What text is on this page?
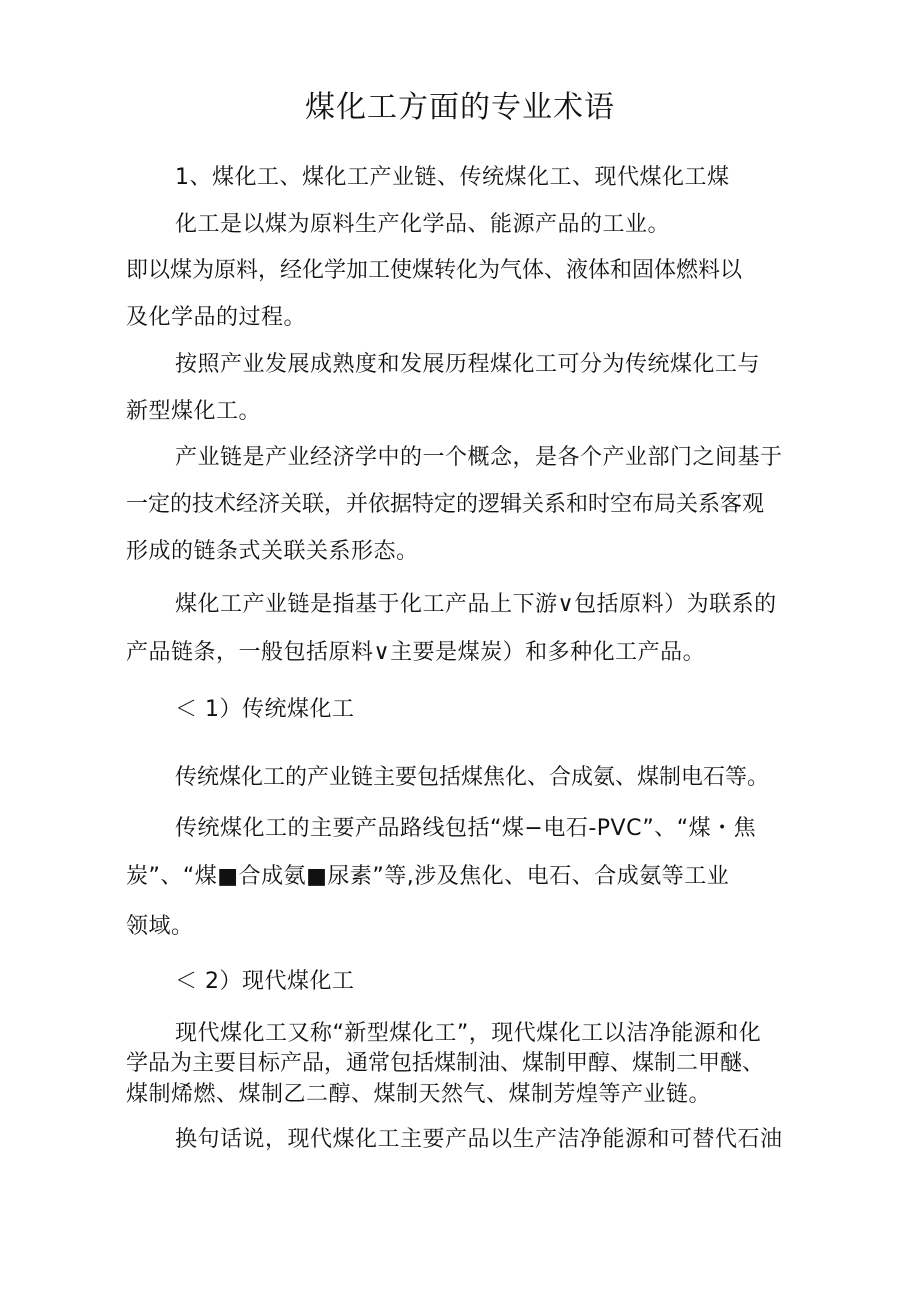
煤化工方面的专业术语
1、煤化工、煤化工产业链、传统煤化工、现代煤化工煤
化工是以煤为原料生产化学品、能源产品的工业。
即以煤为原料，经化学加工使煤转化为气体、液体和固体燃料以
及化学品的过程。
按照产业发展成熟度和发展历程煤化工可分为传统煤化工与
新型煤化工。
产业链是产业经济学中的一个概念，是各个产业部门之间基于
一定的技术经济关联，并依据特定的逻辑关系和时空布局关系客观
形成的链条式关联关系形态。
煤化工产业链是指基于化工产品上下游∨包括原料）为联系的
产品链条，一般包括原料∨主要是煤炭）和多种化工产品。
＜ 1）传统煤化工
传统煤化工的产业链主要包括煤焦化、合成氨、煤制电石等。
传统煤化工的主要产品路线包括“煤−电石-PVC”、“煤・焦
炭”、“煤■合成氨■尿素”等,涉及焦化、电石、合成氨等工业
领域。
＜ 2）现代煤化工
现代煤化工又称“新型煤化工”，现代煤化工以洁净能源和化
学品为主要目标产品，通常包括煤制油、煤制甲醇、煤制二甲醚、
煤制烯燃、煤制乙二醇、煤制天然气、煤制芳煌等产业链。
换句话说，现代煤化工主要产品以生产洁净能源和可替代石油
